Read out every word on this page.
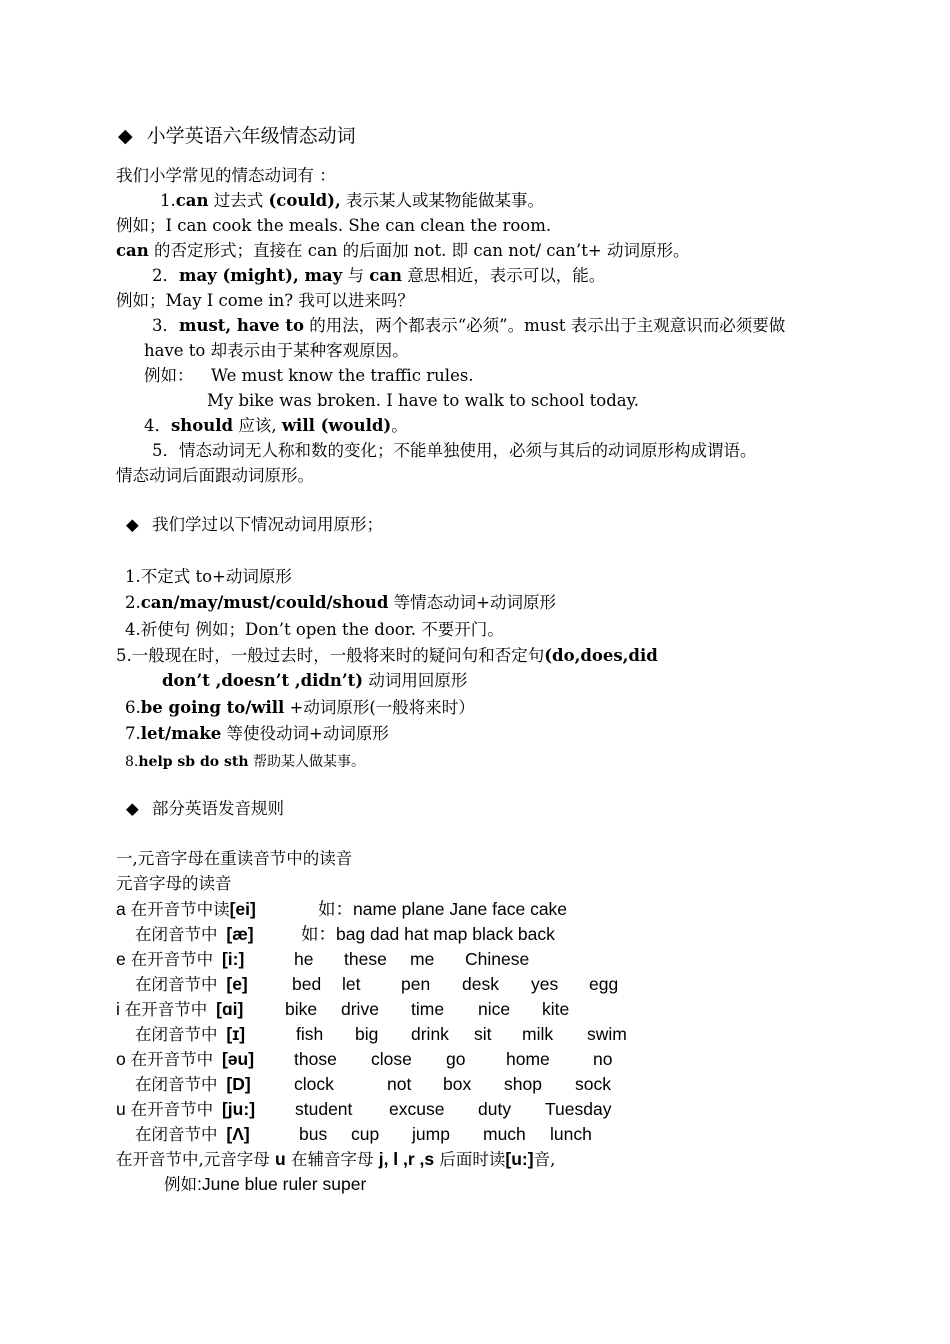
◆ 小学英语六年级情态动词
我们小学常见的情态动词有 ：
1.can 过去式 (could), 表示某人或某物能做某事。
例如；I can cook the meals. She can clean the room.
can 的否定形式；直接在 can 的后面加 not. 即 can not/ can’t+ 动词原形。
2．may (might), may 与 can 意思相近，表示可以，能。
例如；May I come in? 我可以进来吗？
3．must, have to 的用法，两个都表示“必须”。must 表示出于主观意识而必须要做
have to 却表示由于某种客观原因。
例如： We must know the traffic rules.
My bike was broken. I have to walk to school today.
4．should 应该, will (would)。
5．情态动词无人称和数的变化；不能单独使用，必须与其后的动词原形构成谓语。
情态动词后面跟动词原形。
◆ 我们学过以下情况动词用原形；
1.不定式 to+动词原形
2.can/may/must/could/shoud 等情态动词+动词原形
4.祈使句 例如；Don’t open the door. 不要开门。
5.一般现在时，一般过去时，一般将来时的疑问句和否定句(do,does,did
don’t ,doesn’t ,didn’t) 动词用回原形
6.be going to/will +动词原形(一般将来时）
7.let/make 等使役动词+动词原形
8.help sb do sth 帮助某人做某事。
◆ 部分英语发音规则
一,元音字母在重读音节中的读音
元音字母的读音
a 在开音节中读[ei]	如：name plane Jane face cake
在闭音节中 [æ]	如：bag dad hat map black back
e 在开音节中 [i:]	he these me Chinese
在闭音节中 [e]	bed let pen desk yes egg
i 在开音节中 [ɑi] bike drive time nice kite
在闭音节中 [ɪ]	fish big drink sit milk swim
o 在开音节中 [əu] those close go home no
在闭音节中 [D] clock	not box shop sock
u 在开音节中 [ju:] student excuse duty Tuesday
在闭音节中 [Λ]	bus cup jump much lunch
在开音节中,元音字母 u 在辅音字母 j, l ,r ,s 后面时读[u:]音,
例如:June blue ruler super
